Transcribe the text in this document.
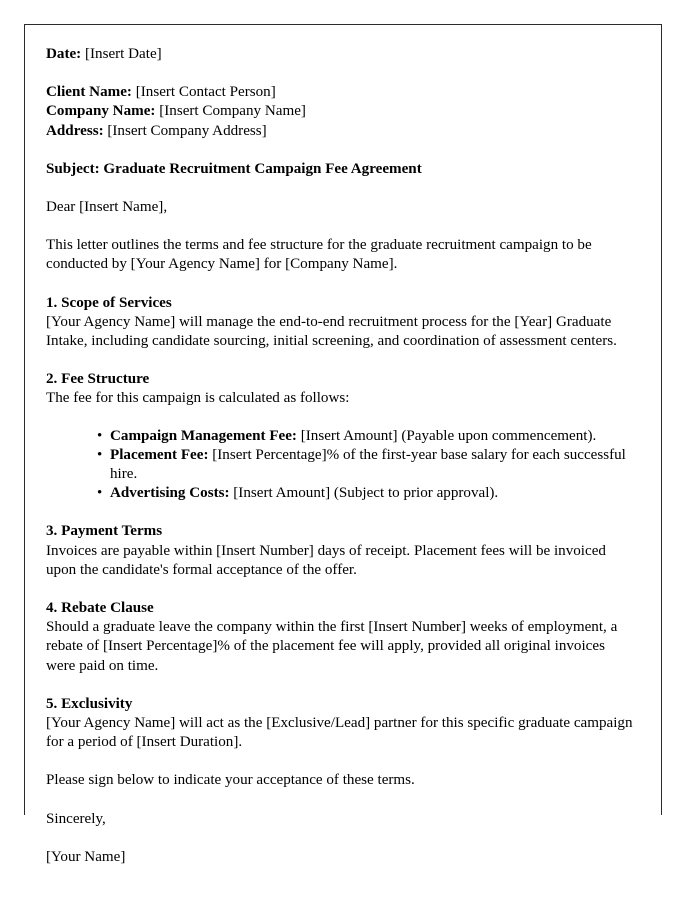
Date: [Insert Date]

Client Name: [Insert Contact Person]

Company Name: [Insert Company Name]

Address: [Insert Company Address]

Subject: Graduate Recruitment Campaign Fee Agreement

Dear [Insert Name],

This letter outlines the terms and fee structure for the graduate recruitment campaign to be conducted by [Your Agency Name] for [Company Name].

1. Scope of Services

[Your Agency Name] will manage the end-to-end recruitment process for the [Year] Graduate Intake, including candidate sourcing, initial screening, and coordination of assessment centers.

2. Fee Structure

The fee for this campaign is calculated as follows:

• Campaign Management Fee: [Insert Amount] (Payable upon commencement).
• Placement Fee: [Insert Percentage]% of the first-year base salary for each successful hire.
• Advertising Costs: [Insert Amount] (Subject to prior approval).

3. Payment Terms

Invoices are payable within [Insert Number] days of receipt. Placement fees will be invoiced upon the candidate's formal acceptance of the offer.

4. Rebate Clause

Should a graduate leave the company within the first [Insert Number] weeks of employment, a rebate of [Insert Percentage]% of the placement fee will apply, provided all original invoices were paid on time.

5. Exclusivity

[Your Agency Name] will act as the [Exclusive/Lead] partner for this specific graduate campaign for a period of [Insert Duration].

Please sign below to indicate your acceptance of these terms.

Sincerely,

[Your Name]
